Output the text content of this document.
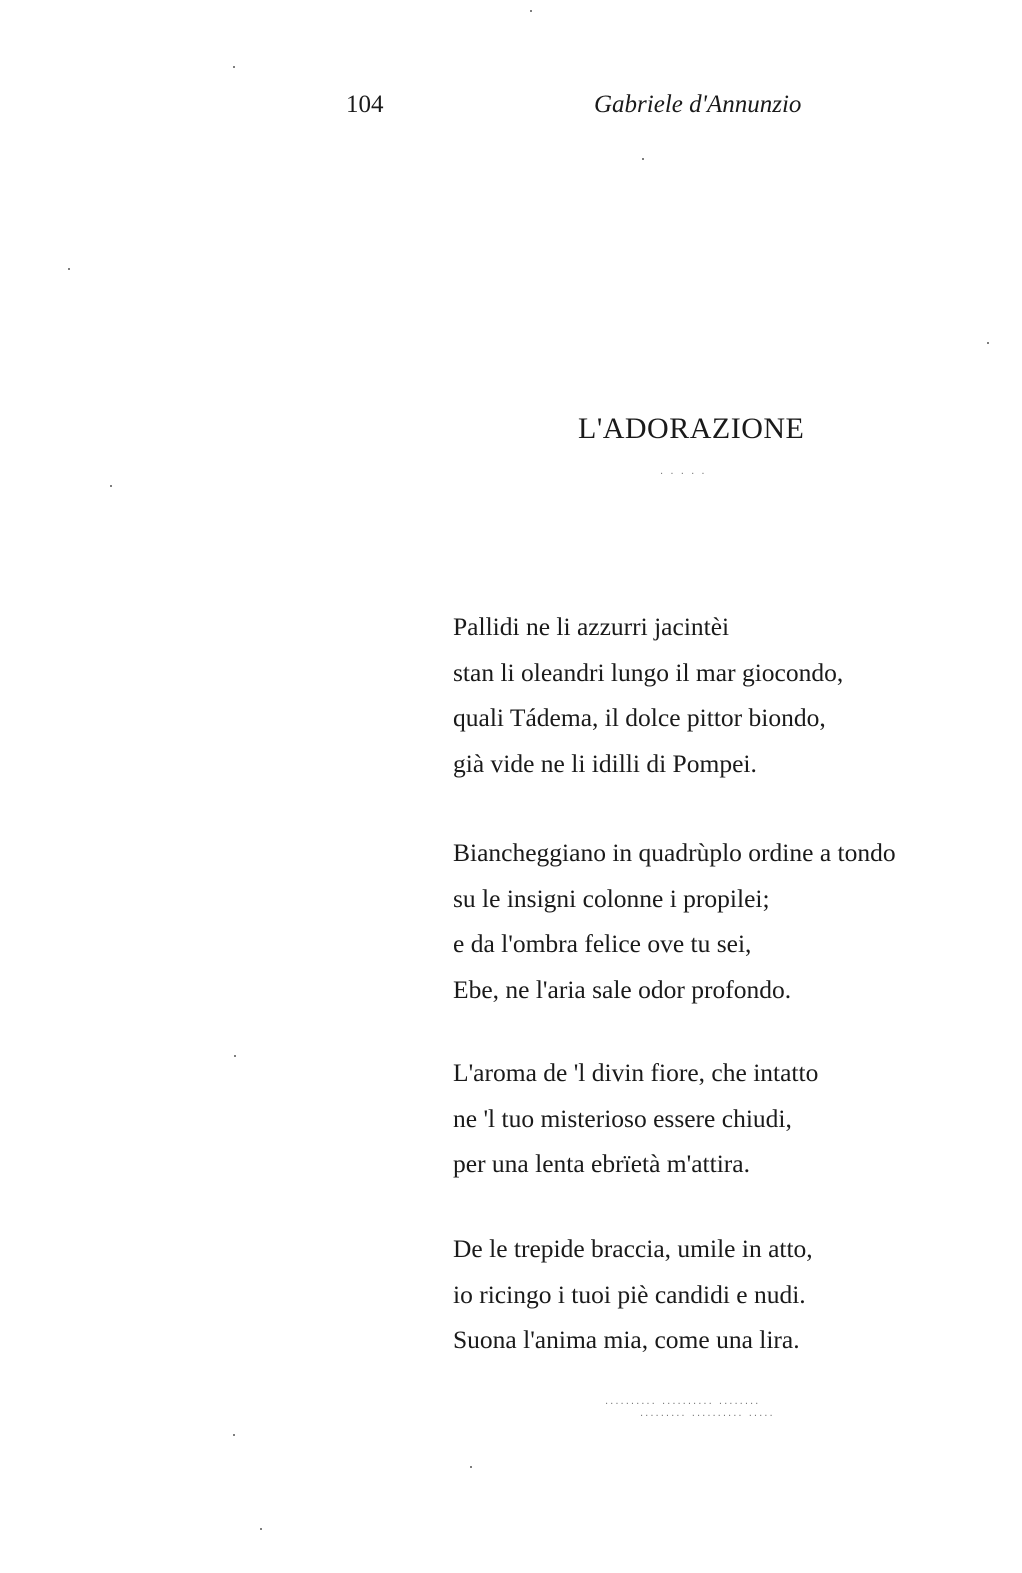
104	Gabriele d'Annunzio
L'ADORAZIONE
Pallidi ne li azzurri jacintèi
stan li oleandri lungo il mar giocondo,
quali Tádema, il dolce pittor biondo,
già vide ne li idilli di Pompei.
Biancheggiano in quadrùplo ordine a tondo
su le insigni colonne i propilei;
e da l'ombra felice ove tu sei,
Ebe, ne l'aria sale odor profondo.
L'aroma de 'l divin fiore, che intatto
ne 'l tuo misterioso essere chiudi,
per una lenta ebrïetà m'attira.
De le trepide braccia, umile in atto,
io ricingo i tuoi piè candidi e nudi.
Suona l'anima mia, come una lira.
· · · · ·
·········· ·········· ········
········· ·········· ·····
